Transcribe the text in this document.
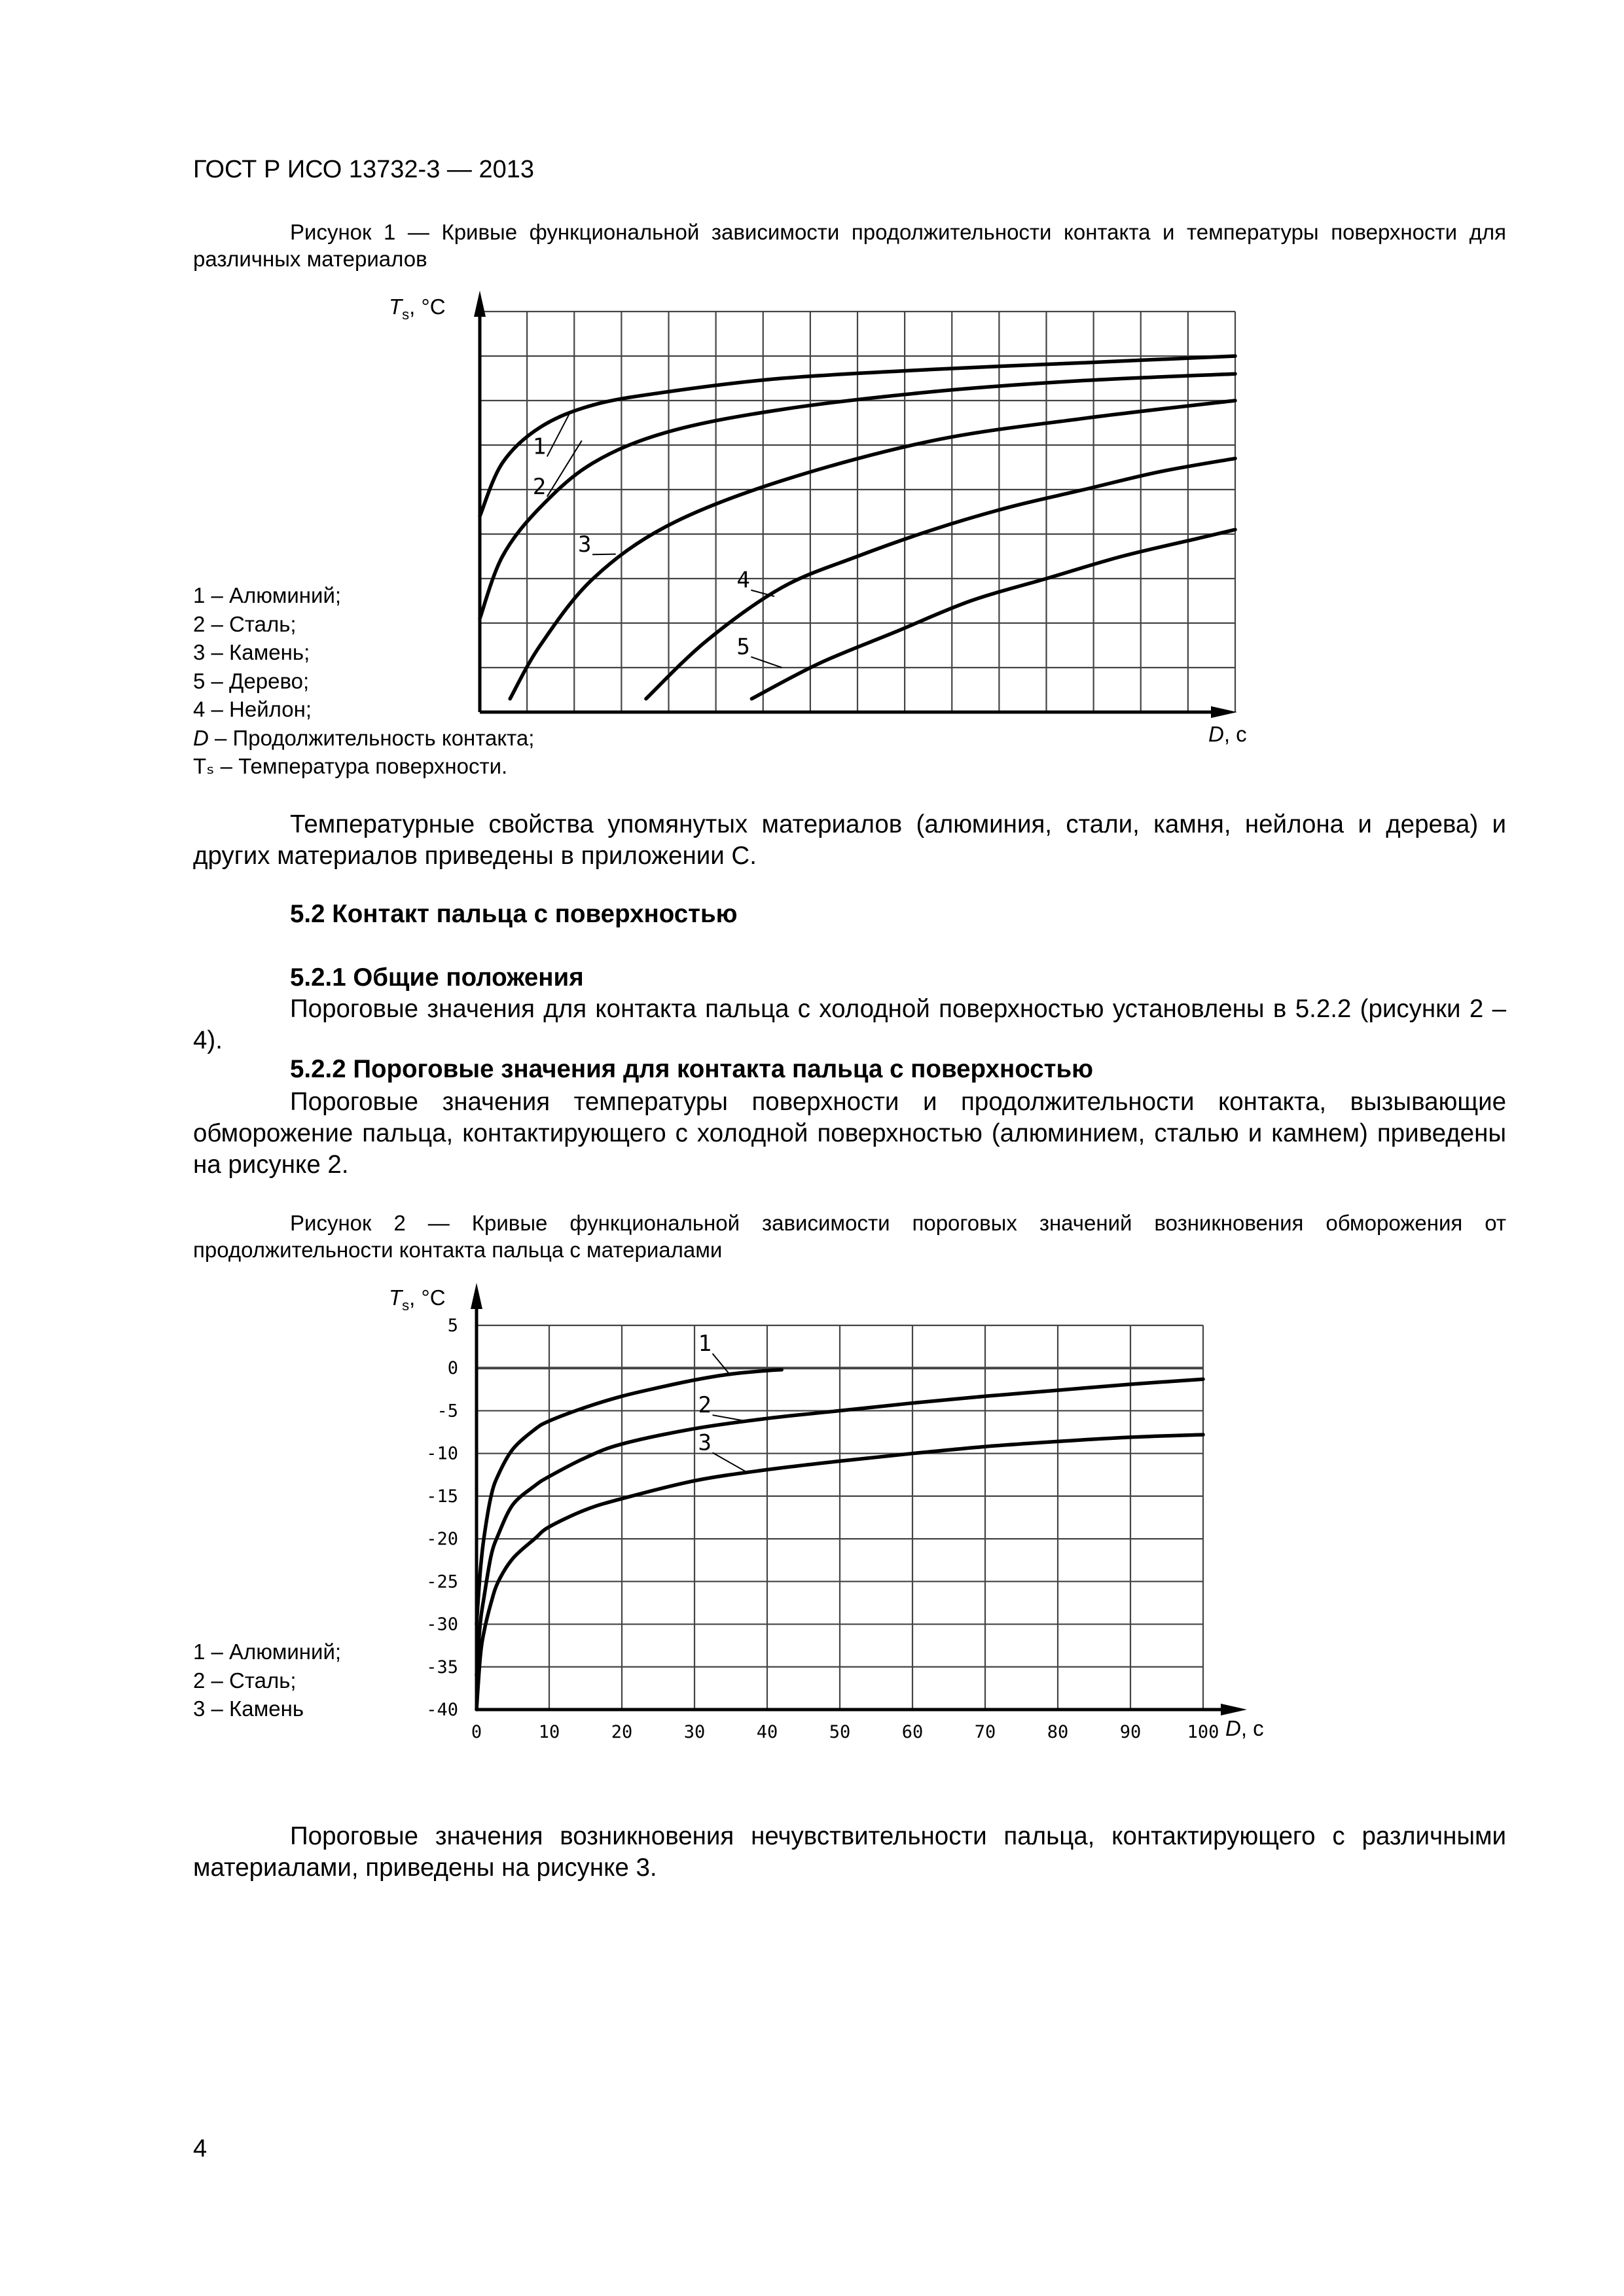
ГОСТ Р ИСО 13732-3 — 2013

Рисунок 1 — Кривые функциональной зависимости продолжительности контакта и температуры поверхности для различных материалов

1
2
3
4
5
$T_s$, °C
D, с
1 – Алюминий;
2 – Сталь;
3 – Камень;
5 – Дерево;
4 – Нейлон;
D – Продолжительность контакта;
Tₛ – Температура поверхности.

Температурные свойства упомянутых материалов (алюминия, стали, камня, нейлона и дерева) и других материалов приведены в приложении С.

5.2 Контакт пальца с поверхностью
5.2.1 Общие положения

Пороговые значения для контакта пальца с холодной поверхностью установлены в 5.2.2 (рисунки 2 – 4).

5.2.2 Пороговые значения для контакта пальца с поверхностью

Пороговые значения температуры поверхности и продолжительности контакта, вызывающие обморожение пальца, контактирующего с холодной поверхностью (алюминием, сталью и камнем) приведены на рисунке 2.

Рисунок 2 — Кривые функциональной зависимости пороговых значений возникновения обморожения от продолжительности контакта пальца с материалами

0	10	20	30	40	50	60	70	80	90	100
5
0
-5
-10
-15
-20
-25
-30
-35
-40
1
2
3
$T_s$, °C
D, с
1 – Алюминий;
2 – Сталь;
3 – Камень

Пороговые значения возникновения нечувствительности пальца, контактирующего с различными материалами, приведены на рисунке 3.

4
